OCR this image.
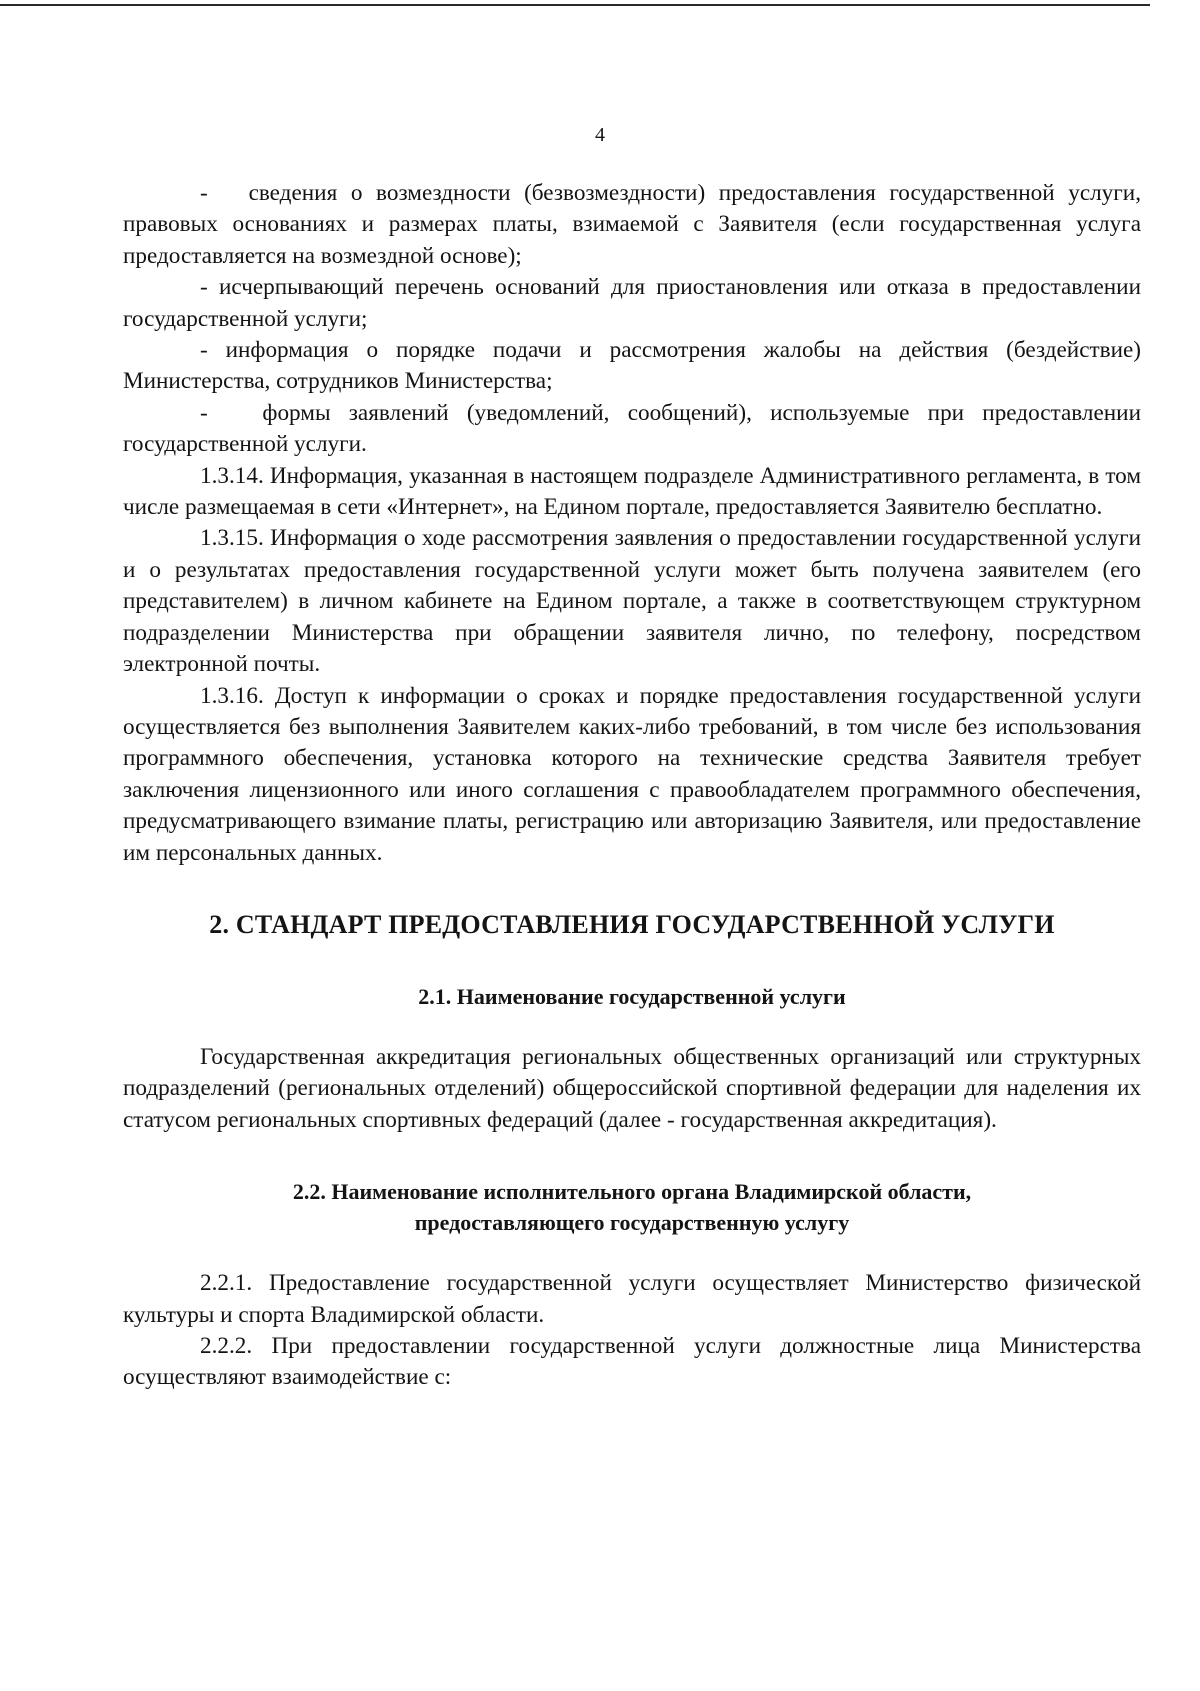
4

-   сведения о возмездности (безвозмездности) предоставления государственной услуги, правовых основаниях и размерах платы, взимаемой с Заявителя (если государственная услуга предоставляется на возмездной основе);

- исчерпывающий перечень оснований для приостановления или отказа в предоставлении государственной услуги;

- информация о порядке подачи и рассмотрения жалобы на действия (бездействие) Министерства, сотрудников Министерства;

-   формы заявлений (уведомлений, сообщений), используемые при предоставлении государственной услуги.

1.3.14. Информация, указанная в настоящем подразделе Административного регламента, в том числе размещаемая в сети «Интернет», на Едином портале, предоставляется Заявителю бесплатно.

1.3.15. Информация о ходе рассмотрения заявления о предоставлении государственной услуги и о результатах предоставления государственной услуги может быть получена заявителем (его представителем) в личном кабинете на Едином портале, а также в соответствующем структурном подразделении Министерства при обращении заявителя лично, по телефону, посредством электронной почты.

1.3.16. Доступ к информации о сроках и порядке предоставления государственной услуги осуществляется без выполнения Заявителем каких-либо требований, в том числе без использования программного обеспечения, установка которого на технические средства Заявителя требует заключения лицензионного или иного соглашения с правообладателем программного обеспечения, предусматривающего взимание платы, регистрацию или авторизацию Заявителя, или предоставление им персональных данных.

2. СТАНДАРТ ПРЕДОСТАВЛЕНИЯ ГОСУДАРСТВЕННОЙ УСЛУГИ
2.1. Наименование государственной услуги

Государственная аккредитация региональных общественных организаций или структурных подразделений (региональных отделений) общероссийской спортивной федерации для наделения их статусом региональных спортивных федераций (далее - государственная аккредитация).

2.2. Наименование исполнительного органа Владимирской области,
предоставляющего государственную услугу

2.2.1. Предоставление государственной услуги осуществляет Министерство физической культуры и спорта Владимирской области.

2.2.2. При предоставлении государственной услуги должностные лица Министерства осуществляют взаимодействие с:
